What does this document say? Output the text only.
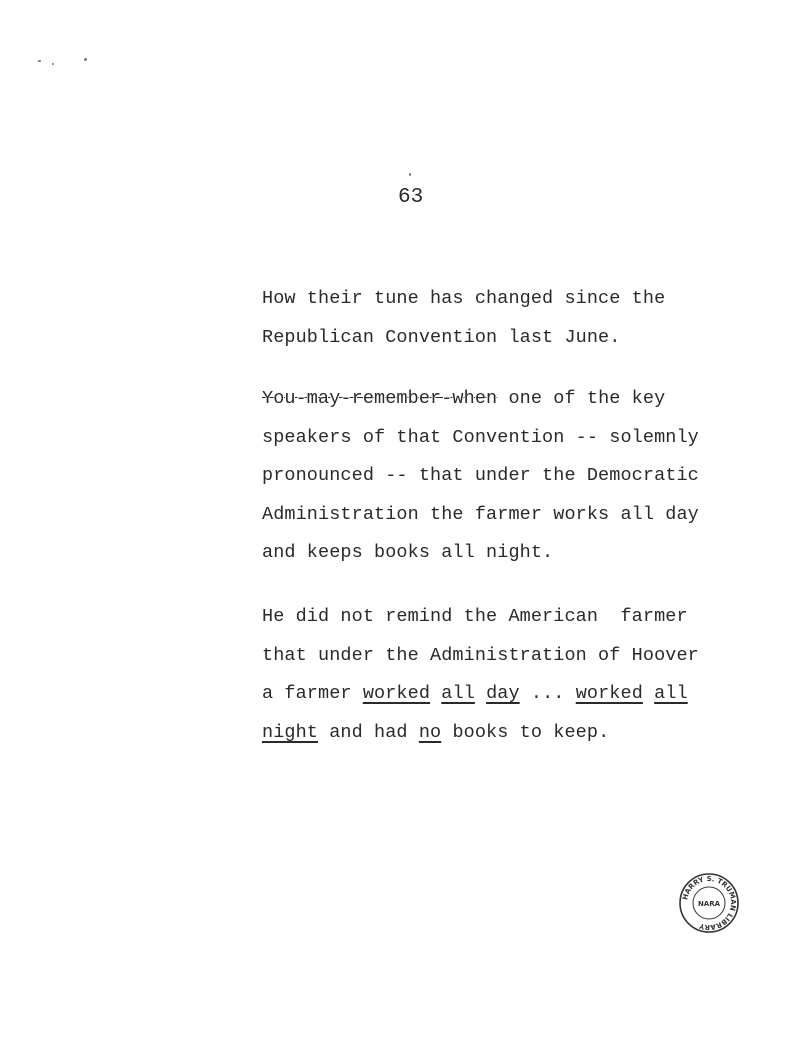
63
How their tune has changed since the
Republican Convention last June.
You-may-remember-when one of the key
speakers of that Convention -- solemnly
pronounced -- that under the Democratic
Administration the farmer works all day
and keeps books all night.
He did not remind the American  farmer
that under the Administration of Hoover
a farmer worked all day ... worked all
night and had no books to keep.
HARRY S. TRUMAN LIBRARY
NARA
